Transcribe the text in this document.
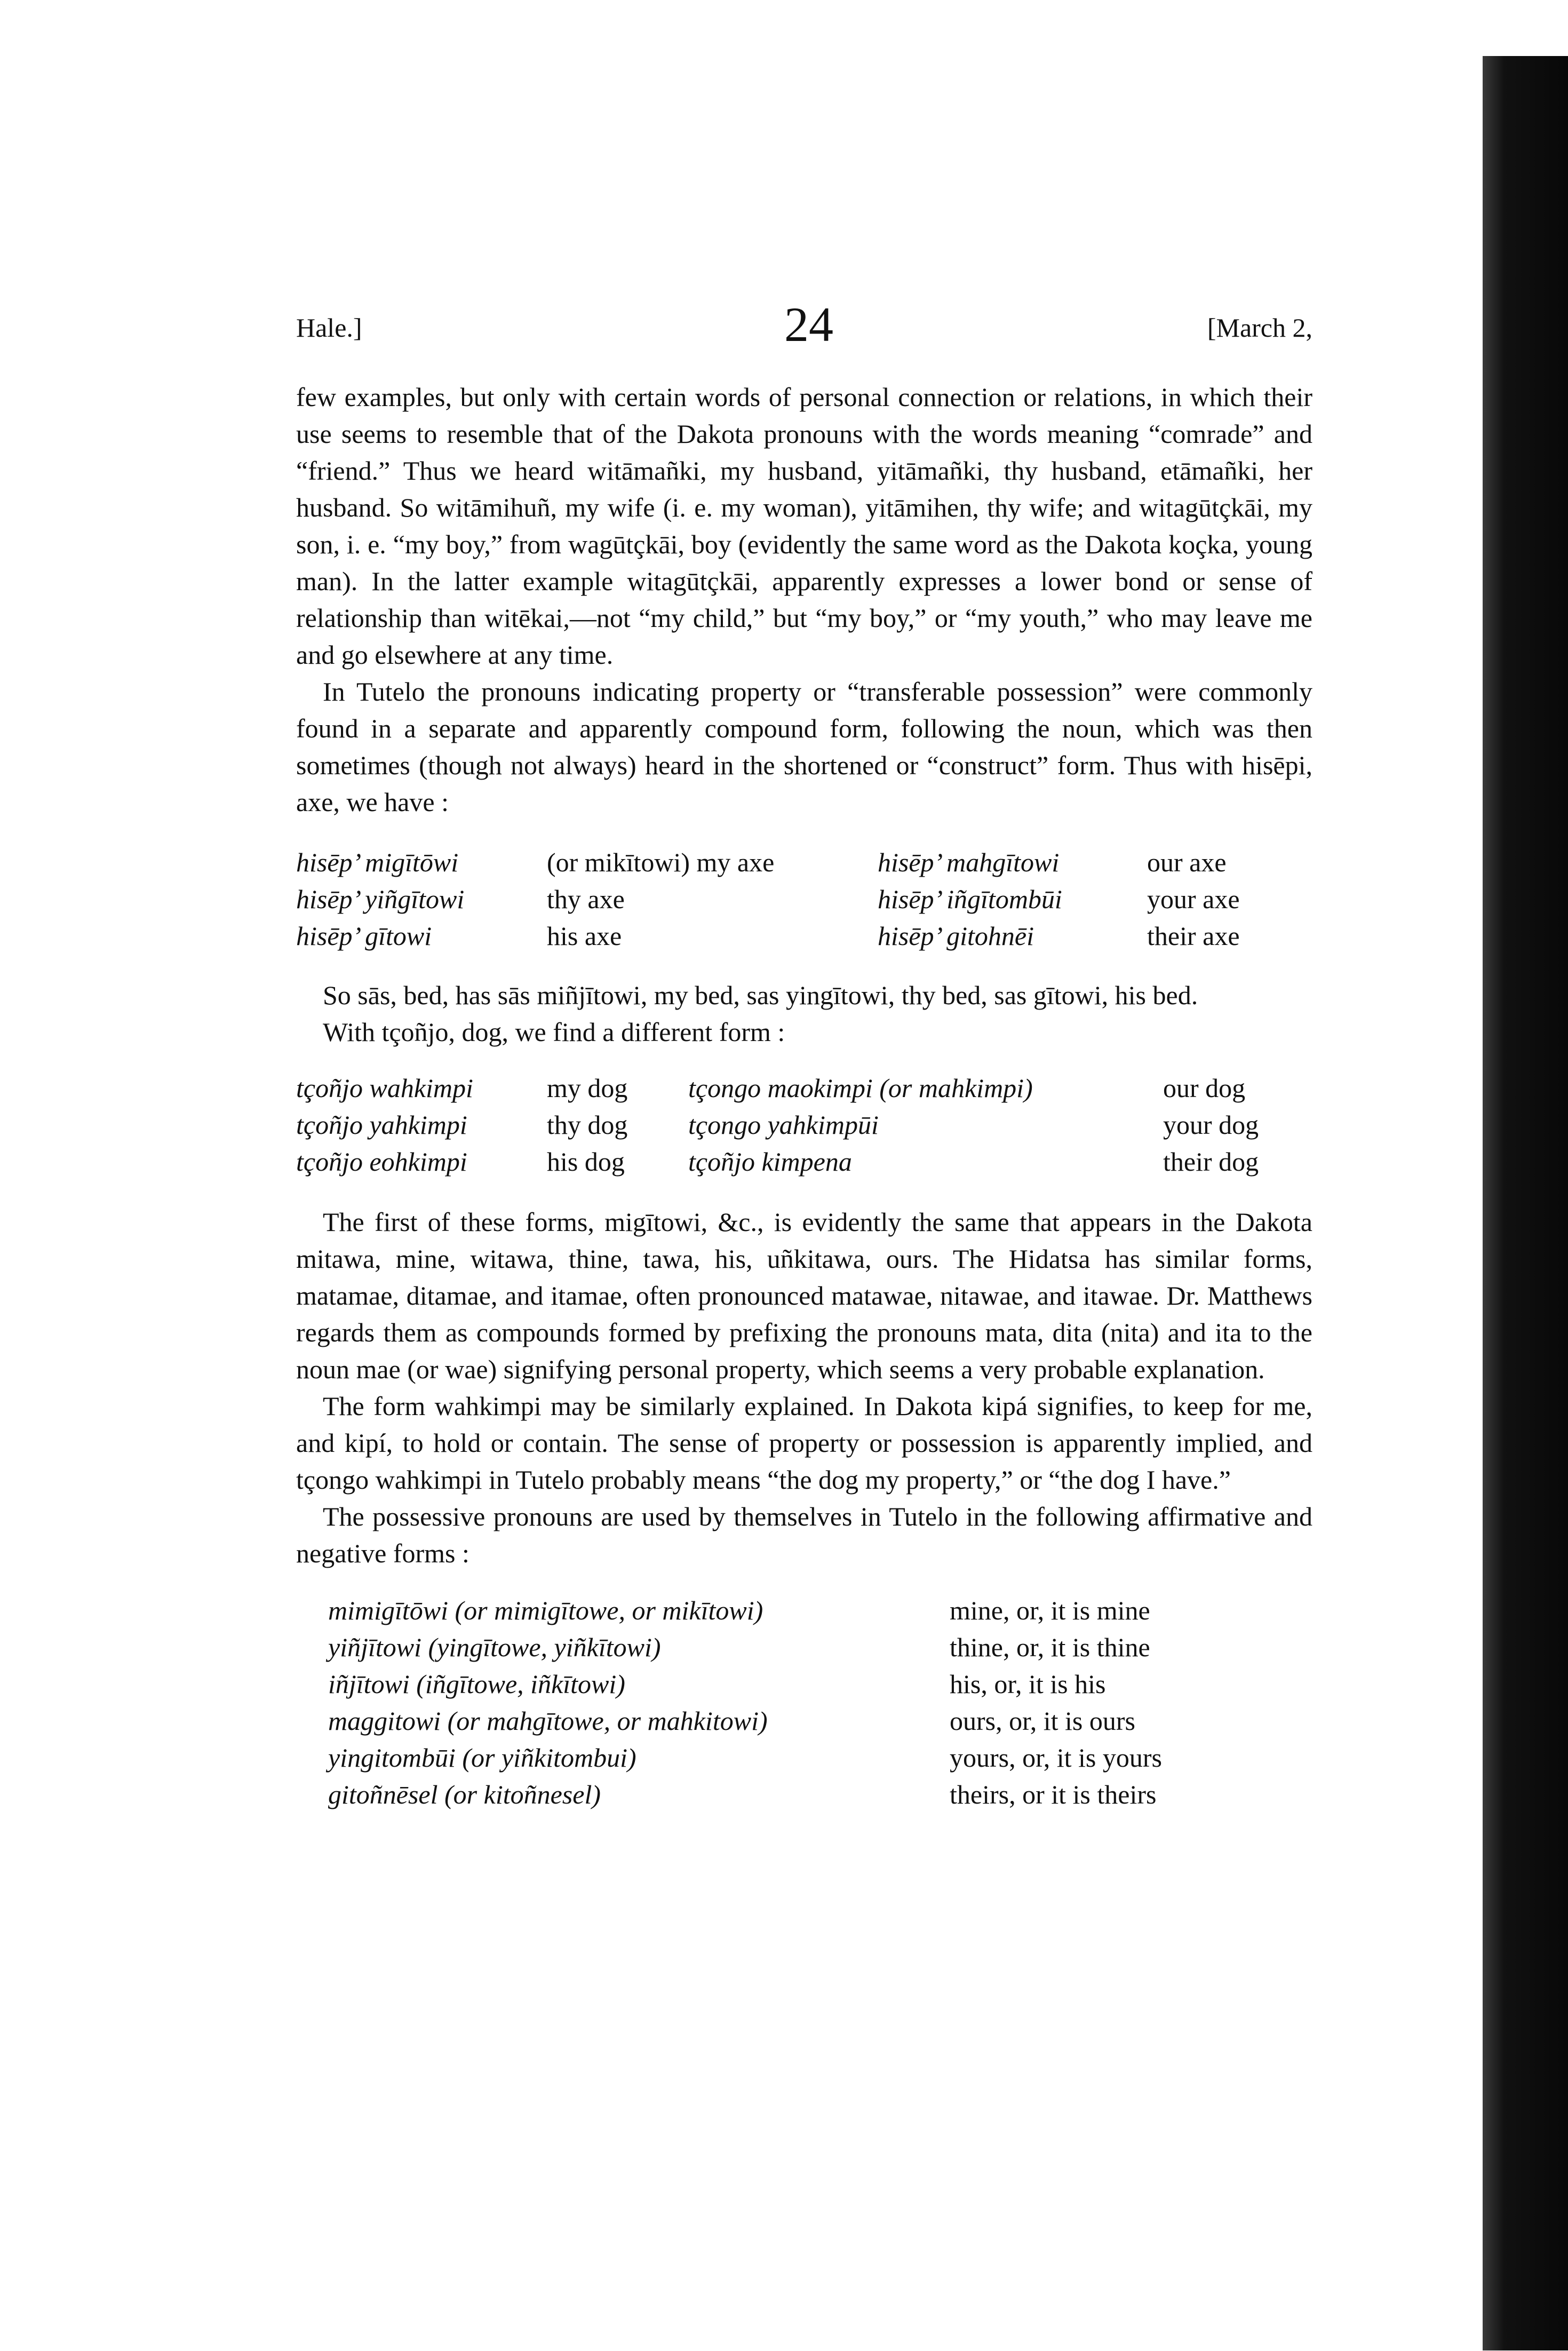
Hale.]	24	[March 2,

few examples, but only with certain words of personal connection or relations, in which their use seems to resemble that of the Dakota pronouns with the words meaning “comrade” and “friend.” Thus we heard witāmañki, my husband, yitāmañki, thy husband, etāmañki, her husband. So witāmihuñ, my wife (i. e. my woman), yitāmihen, thy wife; and witagūtçkāi, my son, i. e. “my boy,” from wagūtçkāi, boy (evidently the same word as the Dakota koçka, young man). In the latter example witagūtçkāi, apparently expresses a lower bond or sense of relationship than witēkai,—not “my child,” but “my boy,” or “my youth,” who may leave me and go elsewhere at any time.

In Tutelo the pronouns indicating property or “transferable possession” were commonly found in a separate and apparently compound form, following the noun, which was then sometimes (though not always) heard in the shortened or “construct” form. Thus with hisēpi, axe, we have :

hisēp’ migītōwi	(or mikītowi) my axe	hisēp’ mahgītowi	our axe
hisēp’ yiñgītowi	thy axe	hisēp’ iñgītombūi	your axe
hisēp’ gītowi	his axe	hisēp’ gitohnēi	their axe

So sās, bed, has sās miñjītowi, my bed, sas yingītowi, thy bed, sas gītowi, his bed.

With tçoñjo, dog, we find a different form :

tçoñjo wahkimpi	my dog	tçongo maokimpi (or mahkimpi)	our dog
tçoñjo yahkimpi	thy dog	tçongo yahkimpūi	your dog
tçoñjo eohkimpi	his dog	tçoñjo kimpena	their dog

The first of these forms, migītowi, &c., is evidently the same that appears in the Dakota mitawa, mine, witawa, thine, tawa, his, uñkitawa, ours. The Hidatsa has similar forms, matamae, ditamae, and itamae, often pronounced matawae, nitawae, and itawae. Dr. Matthews regards them as compounds formed by prefixing the pronouns mata, dita (nita) and ita to the noun mae (or wae) signifying personal property, which seems a very probable explanation.

The form wahkimpi may be similarly explained. In Dakota kipá signifies, to keep for me, and kipí, to hold or contain. The sense of property or possession is apparently implied, and tçongo wahkimpi in Tutelo probably means “the dog my property,” or “the dog I have.”

The possessive pronouns are used by themselves in Tutelo in the following affirmative and negative forms :

mimigītōwi (or mimigītowe, or mikītowi)	mine, or, it is mine
yiñjītowi (yingītowe, yiñkītowi)	thine, or, it is thine
iñjītowi (iñgītowe, iñkītowi)	his, or, it is his
maggitowi (or mahgītowe, or mahkitowi)	ours, or, it is ours
yingitombūi (or yiñkitombui)	yours, or, it is yours
gitoñnēsel (or kitoñnesel)	theirs, or it is theirs
